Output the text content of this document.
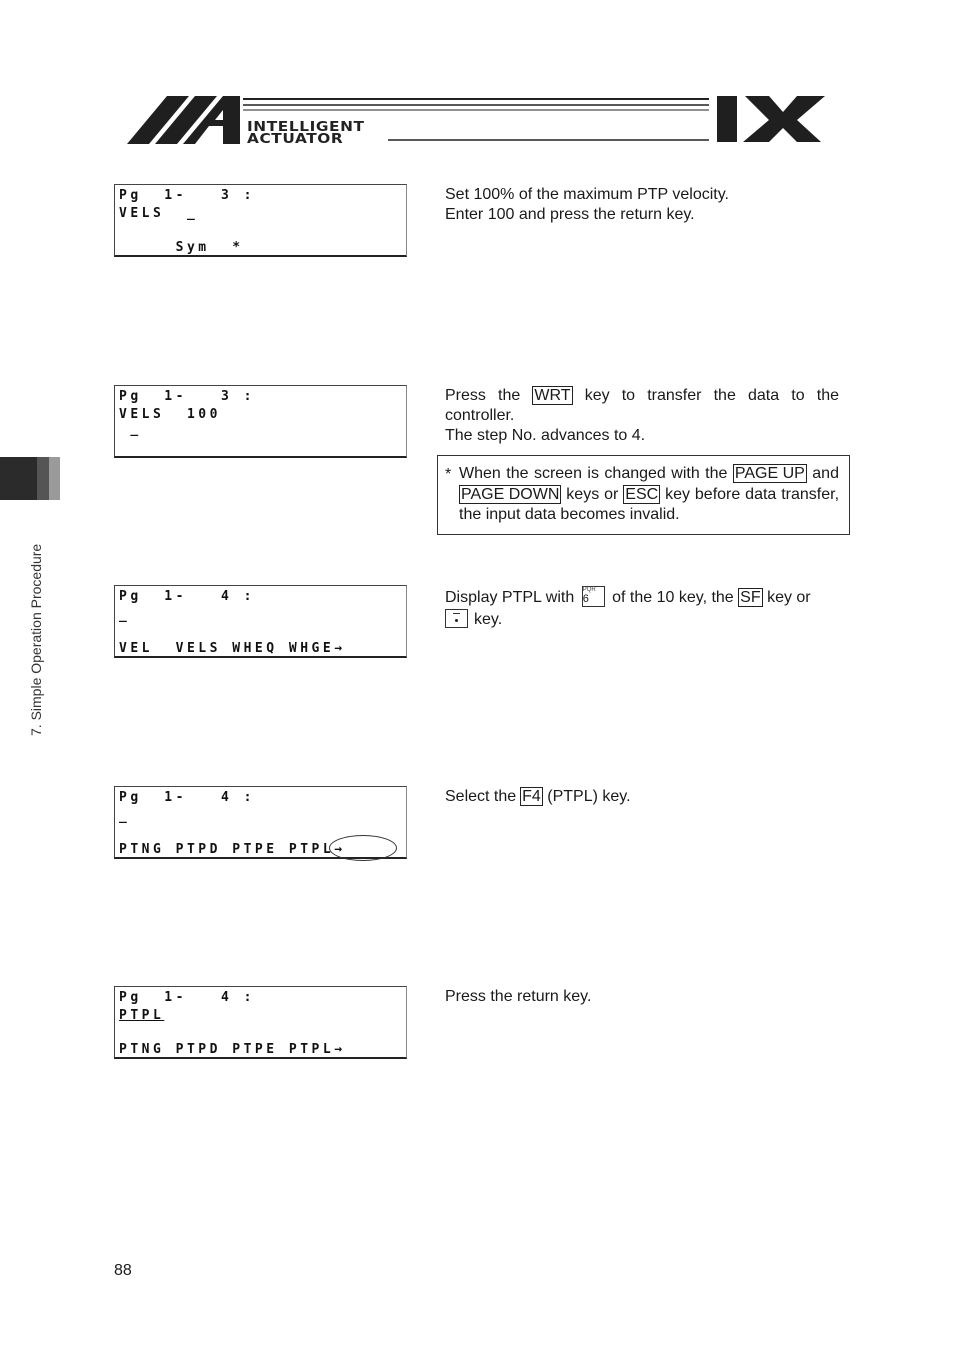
INTELLIGENT
ACTUATOR
7. Simple Operation Procedure
Pg  1-   3 :
VELS  _
Sym  *
Set 100% of the maximum PTP velocity.
Enter 100 and press the return key.
Pg  1-   3 :
VELS  100
_
Press the WRT key to transfer the data to the controller.
The step No. advances to 4.
* When the screen is changed with the PAGE UP and PAGE DOWN keys or ESC key before data transfer, the input data becomes invalid.
Pg  1-   4 :
_
VEL  VELS WHEQ WHGE→
Display PTPL with PQR
6	of the 10 key, the SF key or
key.
Pg  1-   4 :
_
PTNG PTPD PTPE PTPL→
Select the F4 (PTPL) key.
Pg  1-   4 :
PTPL
PTNG PTPD PTPE PTPL→
Press the return key.
88
